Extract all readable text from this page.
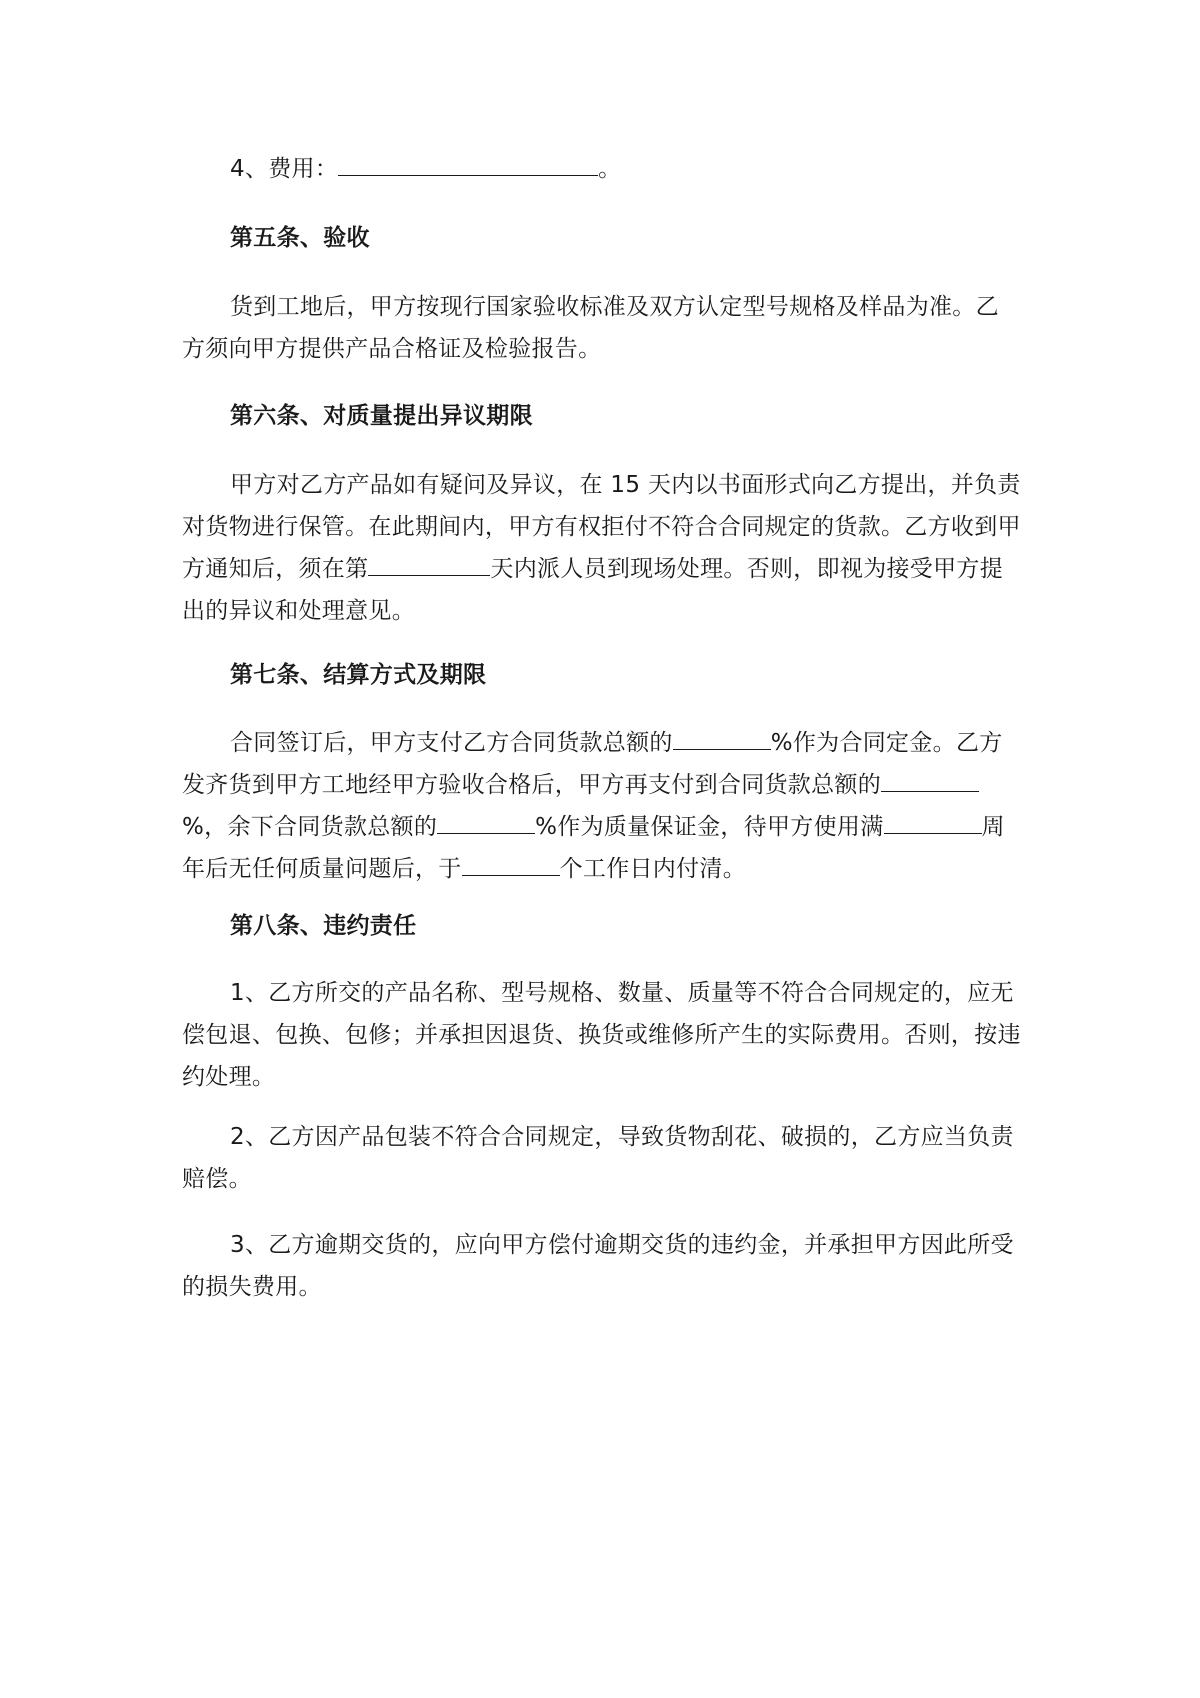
4、费用：	。
第五条、验收
货到工地后，甲方按现行国家验收标准及双方认定型号规格及样品为准。乙方须向甲方提供产品合格证及检验报告。
第六条、对质量提出异议期限
甲方对乙方产品如有疑问及异议，在 15 天内以书面形式向乙方提出，并负责对货物进行保管。在此期间内，甲方有权拒付不符合合同规定的货款。乙方收到甲方通知后，须在第	天内派人员到现场处理。否则，即视为接受甲方提出的异议和处理意见。
第七条、结算方式及期限
合同签订后，甲方支付乙方合同货款总额的	%作为合同定金。乙方发齐货到甲方工地经甲方验收合格后，甲方再支付到合同货款总额的%，余下合同货款总额的	%作为质量保证金，待甲方使用满	周年后无任何质量问题后，于	个工作日内付清。
第八条、违约责任
1、乙方所交的产品名称、型号规格、数量、质量等不符合合同规定的，应无偿包退、包换、包修；并承担因退货、换货或维修所产生的实际费用。否则，按违约处理。
2、乙方因产品包装不符合合同规定，导致货物刮花、破损的，乙方应当负责赔偿。
3、乙方逾期交货的，应向甲方偿付逾期交货的违约金，并承担甲方因此所受的损失费用。
